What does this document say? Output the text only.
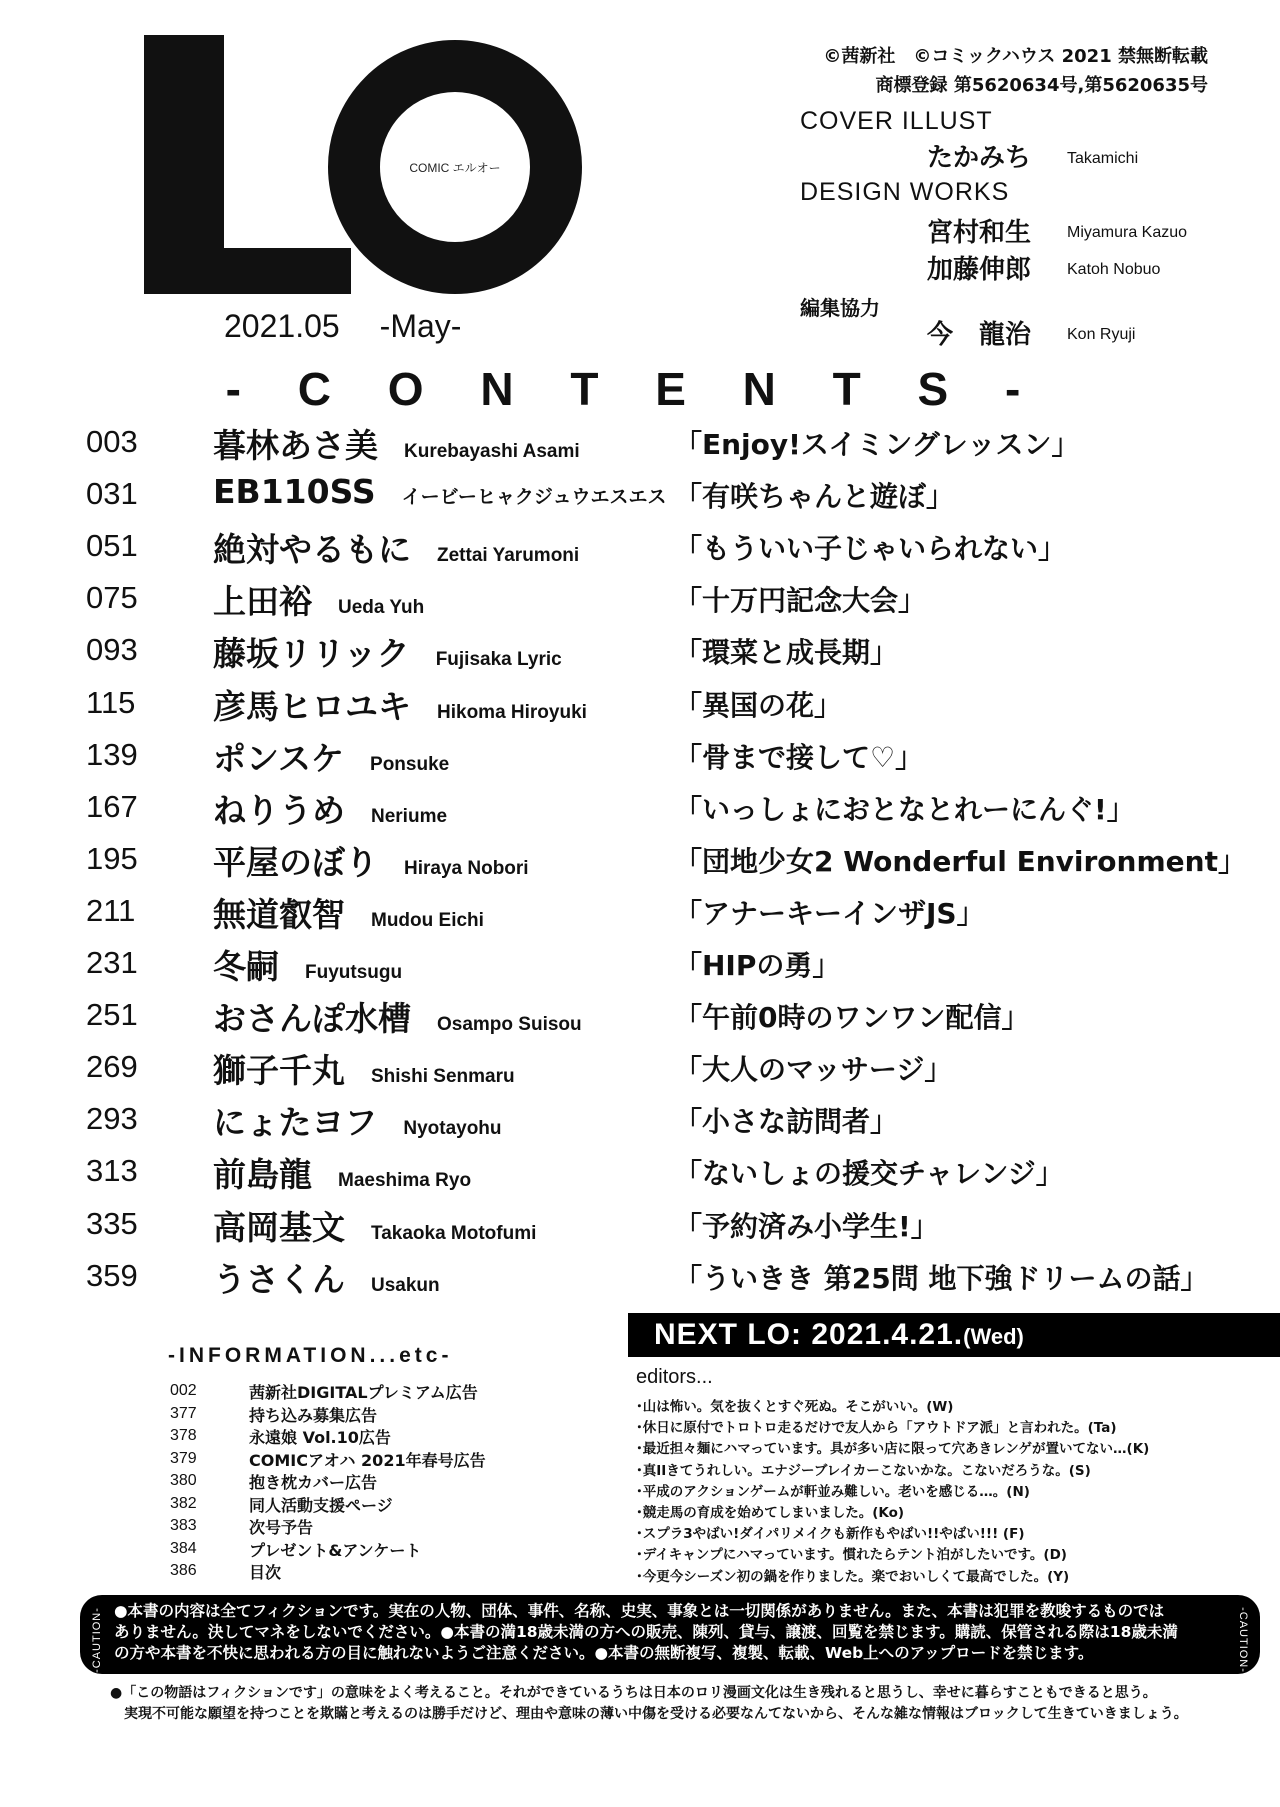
COMIC エルオー
2021.05 -May-
©茜新社　©コミックハウス 2021 禁無断転載
商標登録 第5620634号,第5620635号
COVER ILLUST
たかみち Takamichi
DESIGN WORKS
宮村和生 Miyamura Kazuo
加藤伸郎 Katoh Nobuo
編集協力
今　龍治 Kon Ryuji
- C O N T E N T S -
003 暮林あさ美 Kurebayashi Asami	「Enjoy!スイミングレッスン」
031 EB110SS イービーヒャクジュウエスエス 「有咲ちゃんと遊ぼ」
051 絶対やるもに Zettai Yarumoni	「もういい子じゃいられない」
075 上田裕 Ueda Yuh	「十万円記念大会」
093 藤坂リリック Fujisaka Lyric	「環菜と成長期」
115 彦馬ヒロユキ Hikoma Hiroyuki	「異国の花」
139 ポンスケ Ponsuke	「骨まで接して♡」
167 ねりうめ Neriume	「いっしょにおとなとれーにんぐ!」
195 平屋のぼり Hiraya Nobori	「団地少女2 Wonderful Environment」
211 無道叡智 Mudou Eichi	「アナーキーインザJS」
231 冬嗣 Fuyutsugu	「HIPの勇」
251 おさんぽ水槽 Osampo Suisou	「午前0時のワンワン配信」
269 獅子千丸 Shishi Senmaru	「大人のマッサージ」
293 にょたヨフ Nyotayohu	「小さな訪問者」
313 前島龍 Maeshima Ryo	「ないしょの援交チャレンジ」
335 高岡基文 Takaoka Motofumi	「予約済み小学生!」
359 うさくん Usakun	「ういきき 第25問 地下強ドリームの話」
-INFORMATION...etc-
002	茜新社DIGITALプレミアム広告
377	持ち込み募集広告
378	永遠娘 Vol.10広告
379	COMICアオハ 2021年春号広告
380	抱き枕カバー広告
382	同人活動支援ページ
383	次号予告
384	プレゼント&アンケート
386	目次
NEXT LO: 2021.4.21.(Wed)
editors...
･山は怖い。気を抜くとすぐ死ぬ。そこがいい。(W)
･休日に原付でトロトロ走るだけで友人から「アウトドア派」と言われた。(Ta)
･最近担々麺にハマっています。具が多い店に限って穴あきレンゲが置いてない…(K)
･真IIきてうれしい。エナジーブレイカーこないかな。こないだろうな。(S)
･平成のアクションゲームが軒並み難しい。老いを感じる…。(N)
･競走馬の育成を始めてしまいました。(Ko)
･スプラ3やばい!ダイパリメイクも新作もやばい!!やばい!!! (F)
･デイキャンプにハマっています。慣れたらテント泊がしたいです。(D)
･今更今シーズン初の鍋を作りました。楽でおいしくて最高でした。(Y)
-CAUTION- ●本書の内容は全てフィクションです。実在の人物、団体、事件、名称、史実、事象とは一切関係がありません。また、本書は犯罪を教唆するものでは
ありません。決してマネをしないでください。●本書の満18歳未満の方への販売、陳列、貸与、譲渡、回覧を禁じます。購読、保管される際は18歳未満
の方や本書を不快に思われる方の目に触れないようご注意ください。●本書の無断複写、複製、転載、Web上へのアップロードを禁じます。	-CAUTION-
●「この物語はフィクションです」の意味をよく考えること。それができているうちは日本のロリ漫画文化は生き残れると思うし、幸せに暮らすこともできると思う。
　実現不可能な願望を持つことを欺瞞と考えるのは勝手だけど、理由や意味の薄い中傷を受ける必要なんてないから、そんな雑な情報はブロックして生きていきましょう。
